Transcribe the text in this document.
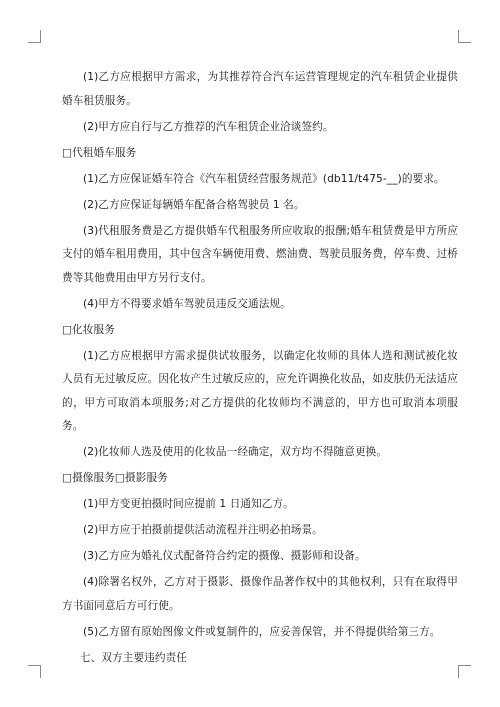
(1)乙方应根据甲方需求，为其推荐符合汽车运营管理规定的汽车租赁企业提供婚车租赁服务。

(2)甲方应自行与乙方推荐的汽车租赁企业洽谈签约。

□代租婚车服务

(1)乙方应保证婚车符合《汽车租赁经营服务规范》(db11/t475-__)的要求。

(2)乙方应保证每辆婚车配备合格驾驶员 1 名。

(3)代租服务费是乙方提供婚车代租服务所应收取的报酬;婚车租赁费是甲方所应支付的婚车租用费用，其中包含车辆使用费、燃油费、驾驶员服务费，停车费、过桥费等其他费用由甲方另行支付。

(4)甲方不得要求婚车驾驶员违反交通法规。

□化妆服务

(1)乙方应根据甲方需求提供试妆服务，以确定化妆师的具体人选和测试被化妆人员有无过敏反应。因化妆产生过敏反应的，应允许调换化妆品，如皮肤仍无法适应的，甲方可取消本项服务;对乙方提供的化妆师均不满意的，甲方也可取消本项服务。

(2)化妆师人选及使用的化妆品一经确定，双方均不得随意更换。

□摄像服务□摄影服务

(1)甲方变更拍摄时间应提前 1 日通知乙方。

(2)甲方应于拍摄前提供活动流程并注明必拍场景。

(3)乙方应为婚礼仪式配备符合约定的摄像、摄影师和设备。

(4)除署名权外，乙方对于摄影、摄像作品著作权中的其他权利，只有在取得甲方书面同意后方可行使。

(5)乙方留有原始图像文件或复制件的，应妥善保管，并不得提供给第三方。

七、双方主要违约责任
